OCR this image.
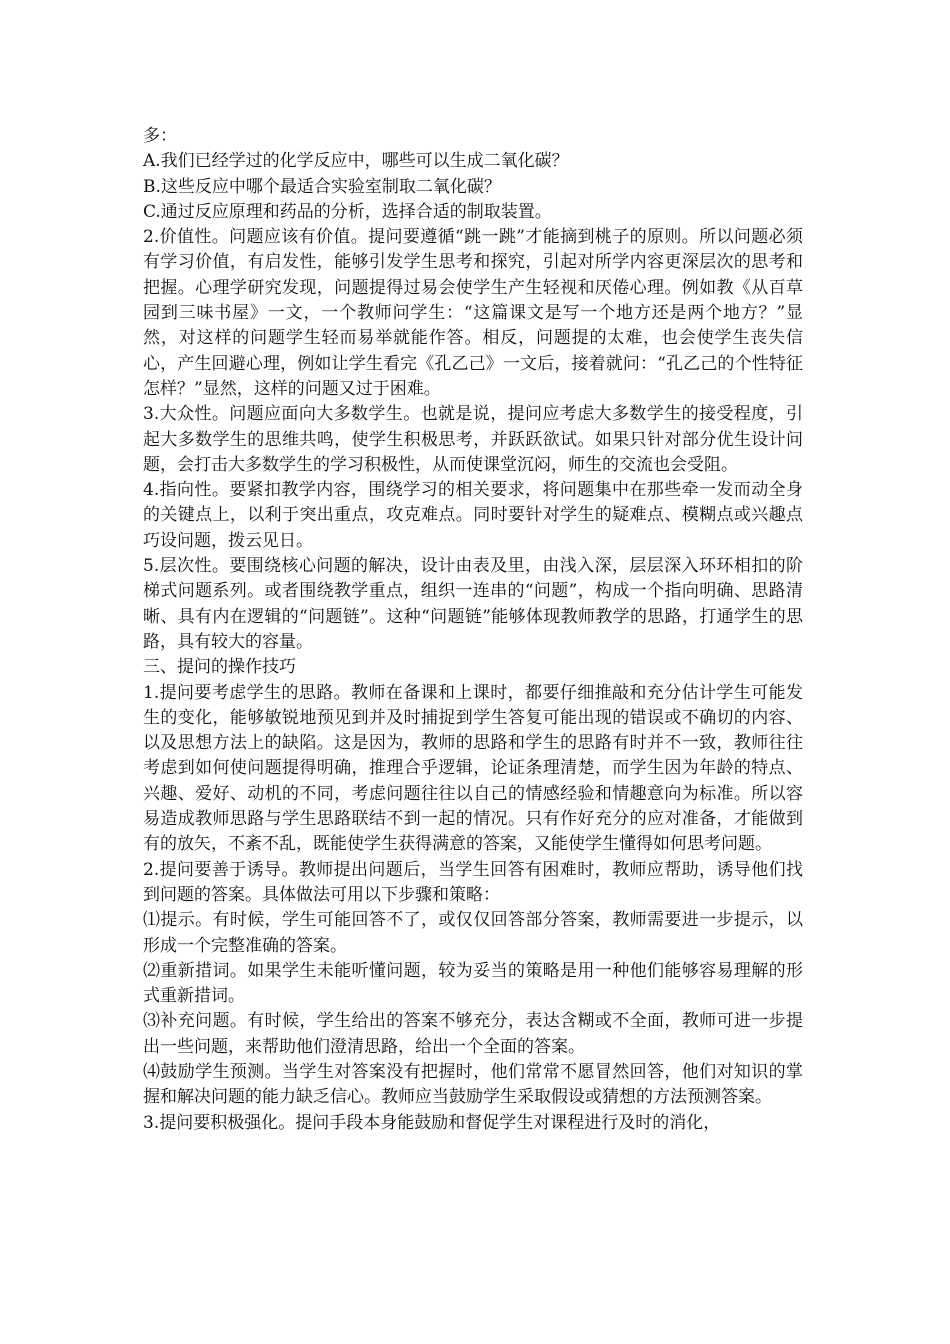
多：

A.我们已经学过的化学反应中，哪些可以生成二氧化碳？

B.这些反应中哪个最适合实验室制取二氧化碳？

C.通过反应原理和药品的分析，选择合适的制取装置。

2.价值性。问题应该有价值。提问要遵循“跳一跳”才能摘到桃子的原则。所以问题必须有学习价值，有启发性，能够引发学生思考和探究，引起对所学内容更深层次的思考和把握。心理学研究发现，问题提得过易会使学生产生轻视和厌倦心理。例如教《从百草园到三味书屋》一文，一个教师问学生：“这篇课文是写一个地方还是两个地方？”显然，对这样的问题学生轻而易举就能作答。相反，问题提的太难，也会使学生丧失信心，产生回避心理，例如让学生看完《孔乙己》一文后，接着就问：“孔乙己的个性特征怎样？”显然，这样的问题又过于困难。

3.大众性。问题应面向大多数学生。也就是说，提问应考虑大多数学生的接受程度，引起大多数学生的思维共鸣，使学生积极思考，并跃跃欲试。如果只针对部分优生设计问题，会打击大多数学生的学习积极性，从而使课堂沉闷，师生的交流也会受阻。

4.指向性。要紧扣教学内容，围绕学习的相关要求，将问题集中在那些牵一发而动全身的关键点上，以利于突出重点，攻克难点。同时要针对学生的疑难点、模糊点或兴趣点巧设问题，拨云见日。

5.层次性。要围绕核心问题的解决，设计由表及里，由浅入深，层层深入环环相扣的阶梯式问题系列。或者围绕教学重点，组织一连串的“问题”，构成一个指向明确、思路清晰、具有内在逻辑的“问题链”。这种“问题链”能够体现教师教学的思路，打通学生的思路，具有较大的容量。

三、提问的操作技巧

1.提问要考虑学生的思路。教师在备课和上课时，都要仔细推敲和充分估计学生可能发生的变化，能够敏锐地预见到并及时捕捉到学生答复可能出现的错误或不确切的内容、以及思想方法上的缺陷。这是因为，教师的思路和学生的思路有时并不一致，教师往往考虑到如何使问题提得明确，推理合乎逻辑，论证条理清楚，而学生因为年龄的特点、兴趣、爱好、动机的不同，考虑问题往往以自己的情感经验和情趣意向为标准。所以容易造成教师思路与学生思路联结不到一起的情况。只有作好充分的应对准备，才能做到有的放矢，不紊不乱，既能使学生获得满意的答案，又能使学生懂得如何思考问题。

2.提问要善于诱导。教师提出问题后，当学生回答有困难时，教师应帮助，诱导他们找到问题的答案。具体做法可用以下步骤和策略：

⑴提示。有时候，学生可能回答不了，或仅仅回答部分答案，教师需要进一步提示，以形成一个完整准确的答案。

⑵重新措词。如果学生未能听懂问题，较为妥当的策略是用一种他们能够容易理解的形式重新措词。

⑶补充问题。有时候，学生给出的答案不够充分，表达含糊或不全面，教师可进一步提出一些问题，来帮助他们澄清思路，给出一个全面的答案。

⑷鼓励学生预测。当学生对答案没有把握时，他们常常不愿冒然回答，他们对知识的掌握和解决问题的能力缺乏信心。教师应当鼓励学生采取假设或猜想的方法预测答案。

3.提问要积极强化。提问手段本身能鼓励和督促学生对课程进行及时的消化，
